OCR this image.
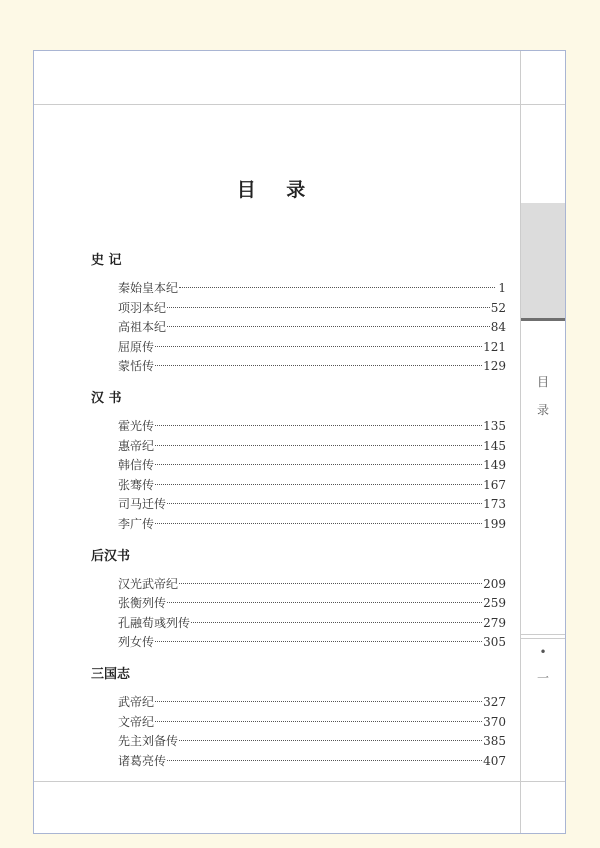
目
录
•
一
目 录
史 记
秦始皇本纪	1
项羽本纪	52
高祖本纪	84
屈原传	121
蒙恬传	129
汉 书
霍光传	135
惠帝纪	145
韩信传	149
张骞传	167
司马迁传	173
李广传	199
后汉书
汉光武帝纪	209
张衡列传	259
孔融荀彧列传	279
列女传	305
三国志
武帝纪	327
文帝纪	370
先主刘备传	385
诸葛亮传	407
